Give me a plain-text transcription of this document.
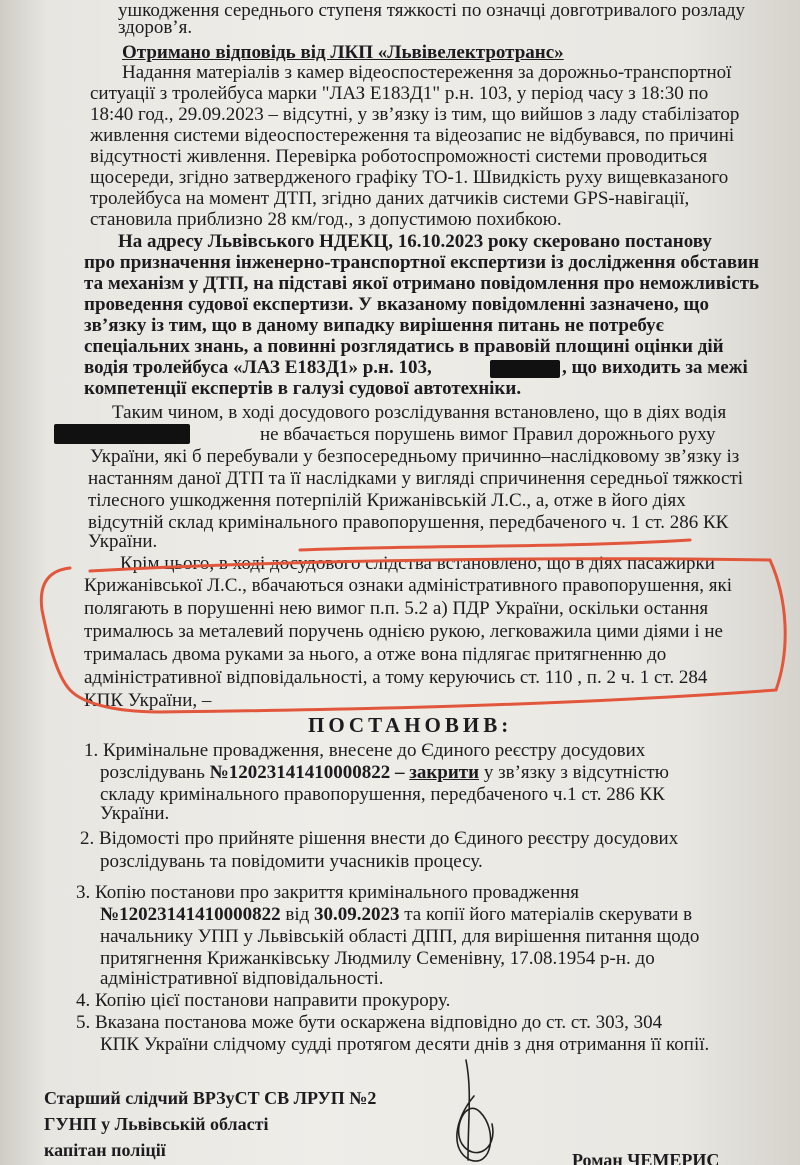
ушкодження середнього ступеня тяжкості по означці довготривалого розладу
здоров’я.
Отримано відповідь від ЛКП «Львівелектротранс»
Надання матеріалів з камер відеоспостереження за дорожньо-транспортної
ситуації з тролейбуса марки "ЛАЗ Е183Д1" р.н. 103, у період часу з 18:30 по
18:40 год., 29.09.2023 – відсутні, у зв’язку із тим, що вийшов з ладу стабілізатор
живлення системи відеоспостереження та відеозапис не відбувався, по причині
відсутності живлення. Перевірка роботоспроможності системи проводиться
щосереди, згідно затвердженого графіку ТО-1. Швидкість руху вищевказаного
тролейбуса на момент ДТП, згідно даних датчиків системи GPS-навігації,
становила приблизно 28 км/год., з допустимою похибкою.
На адресу Львівського НДЕКЦ, 16.10.2023 року скеровано постанову
про призначення інженерно-транспортної експертизи із дослідження обставин
та механізм у ДТП, на підставі якої отримано повідомлення про неможливість
проведення судової експертизи. У вказаному повідомленні зазначено, що
зв’язку із тим, що в даному випадку вирішення питань не потребує
спеціальних знань, а повинні розглядатись в правовій площині оцінки дій
водія тролейбуса «ЛАЗ Е183Д1» р.н. 103,	, що виходить за межі
компетенції експертів в галузі судової автотехніки.
Таким чином, в ході досудового розслідування встановлено, що в діях водія
не вбачається порушень вимог Правил дорожнього руху
України, які б перебували у безпосередньому причинно–наслідковому зв’язку із
настанням даної ДТП та її наслідками у вигляді спричинення середньої тяжкості
тілесного ушкодження потерпілій Крижанівській Л.С., а, отже в його діях
відсутній склад кримінального правопорушення, передбаченого ч. 1 ст. 286 КК
України.
Крім цього, в ході досудового слідства встановлено, що в діях пасажирки
Крижанівської Л.С., вбачаються ознаки адміністративного правопорушення, які
полягають в порушенні нею вимог п.п. 5.2 а) ПДР України, оскільки остання
трималюсь за металевий поручень однією рукою, легковажила цими діями і не
трималась двома руками за нього, а отже вона підлягає притягненню до
адміністративної відповідальності, а тому керуючись ст. 110 , п. 2 ч. 1 ст. 284
КПК України, –
ПОСТАНОВИВ:
1. Кримінальне провадження, внесене до Єдиного реєстру досудових
розслідувань №12023141410000822 – закрити у зв’язку з відсутністю
складу кримінального правопорушення, передбаченого ч.1 ст. 286 КК
України.
2. Відомості про прийняте рішення внести до Єдиного реєстру досудових
розслідувань та повідомити учасників процесу.
3. Копію постанови про закриття кримінального провадження
№12023141410000822 від 30.09.2023 та копії його матеріалів скерувати в
начальнику УПП у Львівській області ДПП, для вирішення питання щодо
притягнення Крижанківську Людмилу Семенівну, 17.08.1954 р-н. до
адміністративної відповідальності.
4. Копію цієї постанови направити прокурору.
5. Вказана постанова може бути оскаржена відповідно до ст. ст. 303, 304
КПК України слідчому судді протягом десяти днів з дня отримання її копії.
Старший слідчий ВРЗуСТ СВ ЛРУП №2
ГУНП у Львівській області
капітан поліції	Роман ЧЕМЕРИС
